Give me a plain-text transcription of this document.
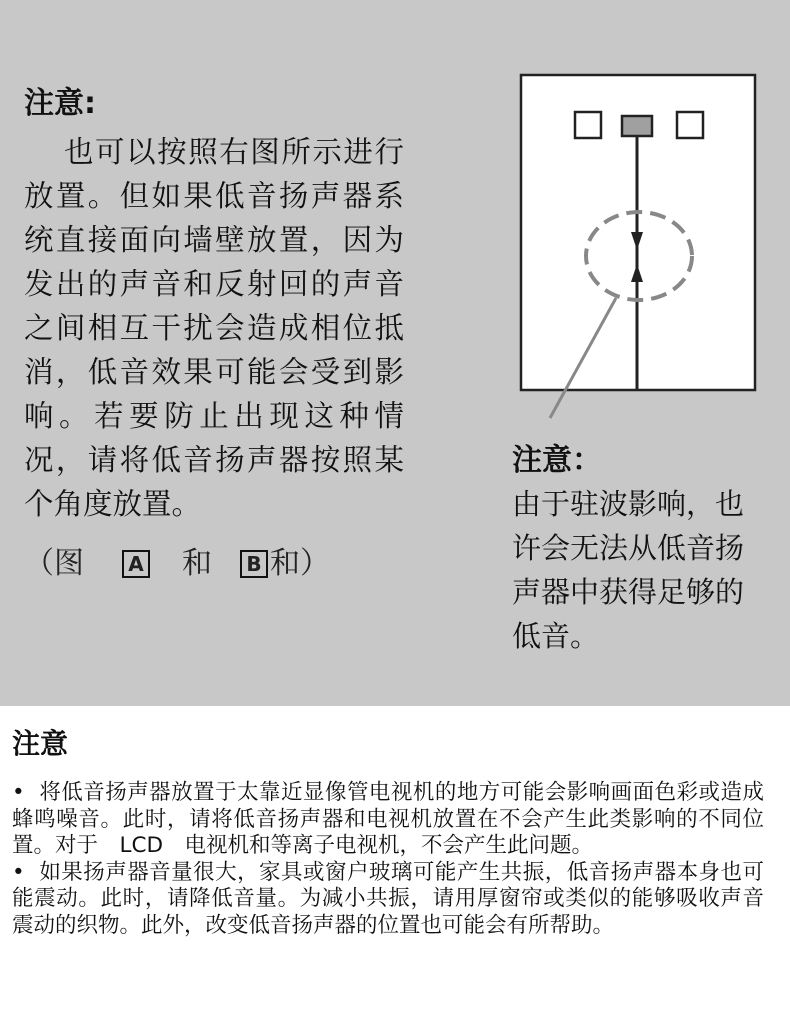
注意:

也可以按照右图所示进行放置。但如果低音扬声器系统直接面向墙壁放置，因为发出的声音和反射回的声音之间相互干扰会造成相位抵消，低音效果可能会受到影响。若要防止出现这种情况，请将低音扬声器按照某个角度放置。

（图	A 和	B 和）
注意：

由于驻波影响，也许会无法从低音扬声器中获得足够的低音。

注意

• 将低音扬声器放置于太靠近显像管电视机的地方可能会影响画面色彩或造成蜂鸣噪音。此时，请将低音扬声器和电视机放置在不会产生此类影响的不同位置。对于　LCD　电视机和等离子电视机，不会产生此问题。

• 如果扬声器音量很大，家具或窗户玻璃可能产生共振，低音扬声器本身也可能震动。此时，请降低音量。为减小共振，请用厚窗帘或类似的能够吸收声音震动的织物。此外，改变低音扬声器的位置也可能会有所帮助。
